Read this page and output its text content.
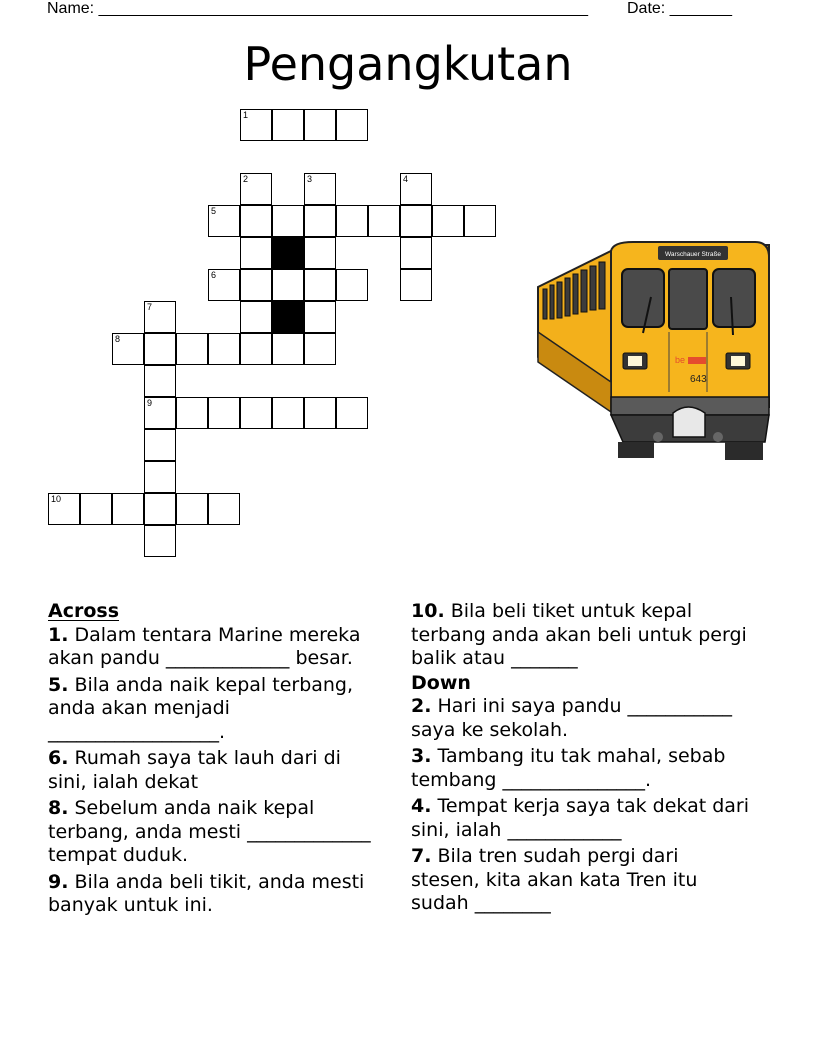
Name: _______________________________________________________ Date: _______
Pengangkutan
1
5
6
8
9
10
2	3	4
7
Warschauer Straße
be
643
Across
1. Dalam tentara Marine mereka akan pandu _____________ besar.
5. Bila anda naik kepal terbang, anda akan menjadi __________________.
6. Rumah saya tak lauh dari di sini, ialah dekat
8. Sebelum anda naik kepal terbang, anda mesti _____________ tempat duduk.
9. Bila anda beli tikit, anda mesti banyak untuk ini.
10. Bila beli tiket untuk kepal terbang anda akan beli untuk pergi balik atau _______
Down
2. Hari ini saya pandu ___________ saya ke sekolah.
3. Tambang itu tak mahal, sebab tembang _______________.
4. Tempat kerja saya tak dekat dari sini, ialah ____________
7. Bila tren sudah pergi dari stesen, kita akan kata Tren itu sudah ________
